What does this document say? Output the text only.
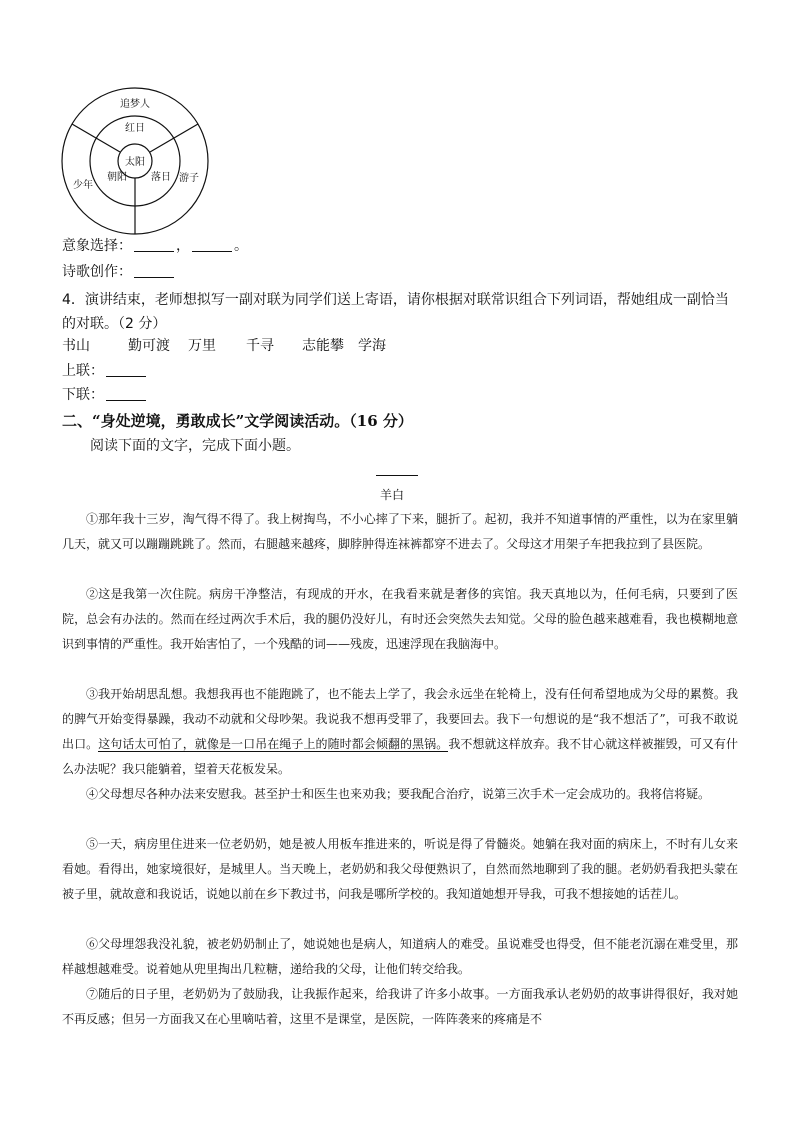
追梦人
红日
太阳
朝阳 落日
少年
游子
意象选择：	，	。
诗歌创作：
4．演讲结束，老师想拟写一副对联为同学们送上寄语，请你根据对联常识组合下列词语，帮她组成一副恰当的对联。（2 分）
书山	勤可渡 万里 千寻 志能攀 学海
上联：
下联：
二、“身处逆境，勇敢成长”文学阅读活动。（16 分）
阅读下面的文字，完成下面小题。
羊白
①那年我十三岁，淘气得不得了。我上树掏鸟，不小心摔了下来，腿折了。起初，我并不知道事情的严重性，以为在家里躺几天，就又可以蹦蹦跳跳了。然而，右腿越来越疼，脚脖肿得连袜裤都穿不进去了。父母这才用架子车把我拉到了县医院。
②这是我第一次住院。病房干净整洁，有现成的开水，在我看来就是奢侈的宾馆。我天真地以为，任何毛病，只要到了医院，总会有办法的。然而在经过两次手术后，我的腿仍没好儿，有时还会突然失去知觉。父母的脸色越来越难看，我也模糊地意识到事情的严重性。我开始害怕了，一个残酷的词——残废，迅速浮现在我脑海中。
③我开始胡思乱想。我想我再也不能跑跳了，也不能去上学了，我会永远坐在轮椅上，没有任何希望地成为父母的累赘。我的脾气开始变得暴躁，我动不动就和父母吵架。我说我不想再受罪了，我要回去。我下一句想说的是“我不想活了”，可我不敢说出口。这句话太可怕了，就像是一口吊在绳子上的随时都会倾翻的黑锅。我不想就这样放弃。我不甘心就这样被摧毁，可又有什么办法呢？我只能躺着，望着天花板发呆。
④父母想尽各种办法来安慰我。甚至护士和医生也来劝我；要我配合治疗，说第三次手术一定会成功的。我将信将疑。
⑤一天，病房里住进来一位老奶奶，她是被人用板车推进来的，听说是得了骨髓炎。她躺在我对面的病床上，不时有儿女来看她。看得出，她家境很好，是城里人。当天晚上，老奶奶和我父母便熟识了，自然而然地聊到了我的腿。老奶奶看我把头蒙在被子里，就故意和我说话，说她以前在乡下教过书，问我是哪所学校的。我知道她想开导我，可我不想接她的话茬儿。
⑥父母埋怨我没礼貌，被老奶奶制止了，她说她也是病人，知道病人的难受。虽说难受也得受，但不能老沉溺在难受里，那样越想越难受。说着她从兜里掏出几粒糖，递给我的父母，让他们转交给我。
⑦随后的日子里，老奶奶为了鼓励我，让我振作起来，给我讲了许多小故事。一方面我承认老奶奶的故事讲得很好，我对她不再反感；但另一方面我又在心里嘀咕着，这里不是课堂，是医院，一阵阵袭来的疼痛是不
